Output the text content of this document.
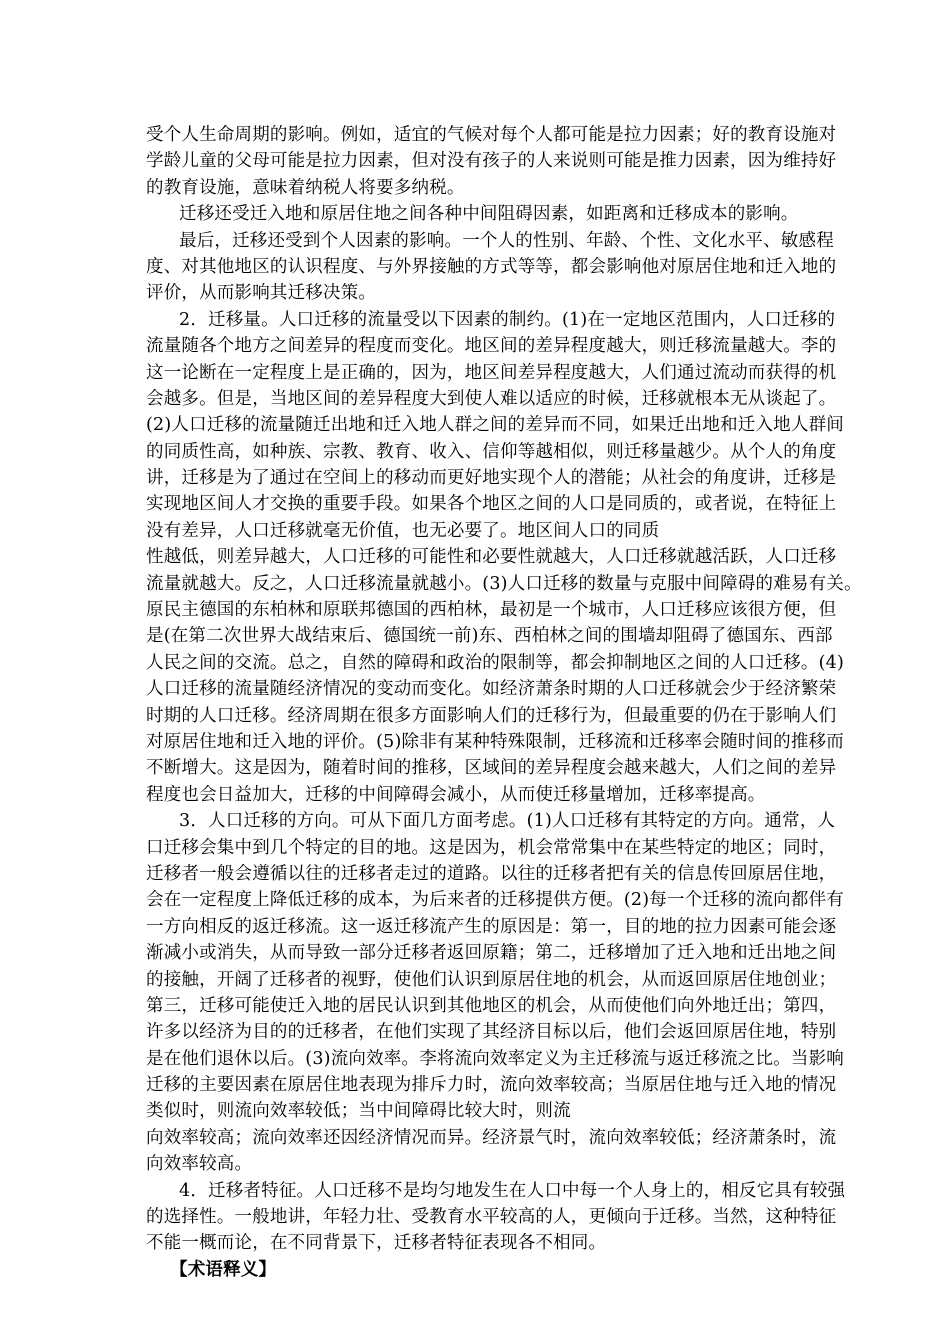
受个人生命周期的影响。例如，适宜的气候对每个人都可能是拉力因素；好的教育设施对
学龄儿童的父母可能是拉力因素，但对没有孩子的人来说则可能是推力因素，因为维持好
的教育设施，意味着纳税人将要多纳税。
迁移还受迁入地和原居住地之间各种中间阻碍因素，如距离和迁移成本的影响。
最后，迁移还受到个人因素的影响。一个人的性别、年龄、个性、文化水平、敏感程
度、对其他地区的认识程度、与外界接触的方式等等，都会影响他对原居住地和迁入地的
评价，从而影响其迁移决策。
2．迁移量。人口迁移的流量受以下因素的制约。(1)在一定地区范围内，人口迁移的
流量随各个地方之间差异的程度而变化。地区间的差异程度越大，则迁移流量越大。李的
这一论断在一定程度上是正确的，因为，地区间差异程度越大，人们通过流动而获得的机
会越多。但是，当地区间的差异程度大到使人难以适应的时候，迁移就根本无从谈起了。
(2)人口迁移的流量随迁出地和迁入地人群之间的差异而不同，如果迁出地和迁入地人群间
的同质性高，如种族、宗教、教育、收入、信仰等越相似，则迁移量越少。从个人的角度
讲，迁移是为了通过在空间上的移动而更好地实现个人的潜能；从社会的角度讲，迁移是
实现地区间人才交换的重要手段。如果各个地区之间的人口是同质的，或者说，在特征上
没有差异，人口迁移就毫无价值，也无必要了。地区间人口的同质
性越低，则差异越大，人口迁移的可能性和必要性就越大，人口迁移就越活跃，人口迁移
流量就越大。反之，人口迁移流量就越小。(3)人口迁移的数量与克服中间障碍的难易有关。
原民主德国的东柏林和原联邦德国的西柏林，最初是一个城市，人口迁移应该很方便，但
是(在第二次世界大战结束后、德国统一前)东、西柏林之间的围墙却阻碍了德国东、西部
人民之间的交流。总之，自然的障碍和政治的限制等，都会抑制地区之间的人口迁移。(4)
人口迁移的流量随经济情况的变动而变化。如经济萧条时期的人口迁移就会少于经济繁荣
时期的人口迁移。经济周期在很多方面影响人们的迁移行为，但最重要的仍在于影响人们
对原居住地和迁入地的评价。(5)除非有某种特殊限制，迁移流和迁移率会随时间的推移而
不断增大。这是因为，随着时间的推移，区域间的差异程度会越来越大，人们之间的差异
程度也会日益加大，迁移的中间障碍会减小，从而使迁移量增加，迁移率提高。
3．人口迁移的方向。可从下面几方面考虑。(1)人口迁移有其特定的方向。通常，人
口迁移会集中到几个特定的目的地。这是因为，机会常常集中在某些特定的地区；同时，
迁移者一般会遵循以往的迁移者走过的道路。以往的迁移者把有关的信息传回原居住地，
会在一定程度上降低迁移的成本，为后来者的迁移提供方便。(2)每一个迁移的流向都伴有
一方向相反的返迁移流。这一返迁移流产生的原因是：第一，目的地的拉力因素可能会逐
渐减小或消失，从而导致一部分迁移者返回原籍；第二，迁移增加了迁入地和迁出地之间
的接触，开阔了迁移者的视野，使他们认识到原居住地的机会，从而返回原居住地创业；
第三，迁移可能使迁入地的居民认识到其他地区的机会，从而使他们向外地迁出；第四，
许多以经济为目的的迁移者，在他们实现了其经济目标以后，他们会返回原居住地，特别
是在他们退休以后。(3)流向效率。李将流向效率定义为主迁移流与返迁移流之比。当影响
迁移的主要因素在原居住地表现为排斥力时，流向效率较高；当原居住地与迁入地的情况
类似时，则流向效率较低；当中间障碍比较大时，则流
向效率较高；流向效率还因经济情况而异。经济景气时，流向效率较低；经济萧条时，流
向效率较高。
4．迁移者特征。人口迁移不是均匀地发生在人口中每一个人身上的，相反它具有较强
的选择性。一般地讲，年轻力壮、受教育水平较高的人，更倾向于迁移。当然，这种特征
不能一概而论，在不同背景下，迁移者特征表现各不相同。
【术语释义】
